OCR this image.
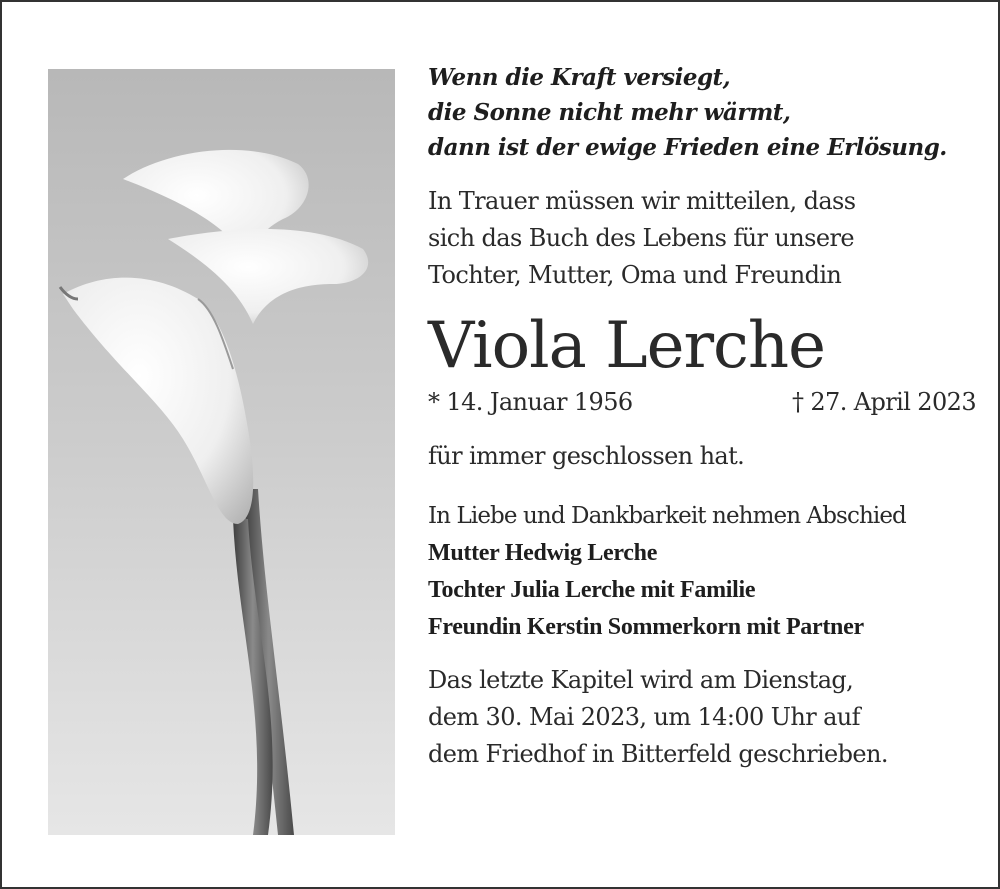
Wenn die Kraft versiegt,
die Sonne nicht mehr wärmt,
dann ist der ewige Frieden eine Erlösung.
In Trauer müssen wir mitteilen, dass
sich das Buch des Lebens für unsere
Tochter, Mutter, Oma und Freundin
Viola Lerche
* 14. Januar 1956	† 27. April 2023
für immer geschlossen hat.
In Liebe und Dankbarkeit nehmen Abschied
Mutter Hedwig Lerche
Tochter Julia Lerche mit Familie
Freundin Kerstin Sommerkorn mit Partner
Das letzte Kapitel wird am Dienstag,
dem 30. Mai 2023, um 14:00 Uhr auf
dem Friedhof in Bitterfeld geschrieben.
